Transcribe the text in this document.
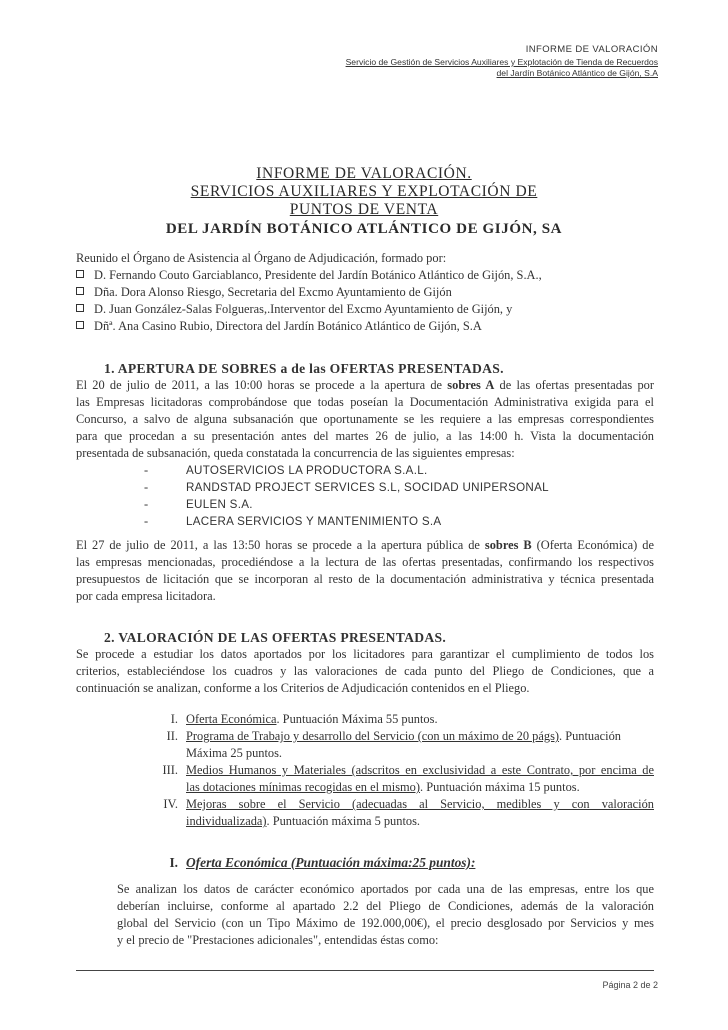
INFORME DE VALORACIÓN
Servicio de Gestión de Servicios Auxiliares y Explotación de Tienda de Recuerdos
del Jardín Botánico Atlántico de Gijón, S.A
INFORME DE VALORACIÓN.
SERVICIOS AUXILIARES Y EXPLOTACIÓN DE
PUNTOS DE VENTA
DEL JARDÍN BOTÁNICO ATLÁNTICO DE GIJÓN, SA
Reunido el Órgano de Asistencia al Órgano de Adjudicación, formado por:
D. Fernando Couto Garciablanco, Presidente del Jardín Botánico Atlántico de Gijón, S.A.,
Dña. Dora Alonso Riesgo, Secretaria del Excmo Ayuntamiento de Gijón
D. Juan González-Salas Folgueras,.Interventor del Excmo Ayuntamiento de Gijón, y
Dñª. Ana Casino Rubio, Directora del Jardín Botánico Atlántico de Gijón, S.A
1. APERTURA DE SOBRES a de las OFERTAS PRESENTADAS.
El 20 de julio de 2011, a las 10:00 horas se procede a la apertura de sobres A de las ofertas presentadas por
las Empresas licitadoras comprobándose que todas poseían la Documentación Administrativa exigida para el
Concurso, a salvo de alguna subsanación que oportunamente se les requiere a las empresas correspondientes
para que procedan a su presentación antes del martes 26 de julio, a las 14:00 h. Vista la documentación
presentada de subsanación, queda constatada la concurrencia de las siguientes empresas:
-	AUTOSERVICIOS LA PRODUCTORA S.A.L.
-	RANDSTAD PROJECT SERVICES S.L, SOCIDAD UNIPERSONAL
-	EULEN S.A.
-	LACERA SERVICIOS Y MANTENIMIENTO S.A
El 27 de julio de 2011, a las 13:50 horas se procede a la apertura pública de sobres B (Oferta Económica) de
las empresas mencionadas, procediéndose a la lectura de las ofertas presentadas, confirmando los respectivos
presupuestos de licitación que se incorporan al resto de la documentación administrativa y técnica presentada
por cada empresa licitadora.
2. VALORACIÓN DE LAS OFERTAS PRESENTADAS.
Se procede a estudiar los datos aportados por los licitadores para garantizar el cumplimiento de todos los
criterios, estableciéndose los cuadros y las valoraciones de cada punto del Pliego de Condiciones, que a
continuación se analizan, conforme a los Criterios de Adjudicación contenidos en el Pliego.
I. Oferta Económica. Puntuación Máxima 55 puntos.
II. Programa de Trabajo y desarrollo del Servicio (con un máximo de 20 págs). Puntuación
Máxima 25 puntos.
III. Medios Humanos y Materiales (adscritos en exclusividad a este Contrato, por encima de
las dotaciones mínimas recogidas en el mismo). Puntuación máxima 15 puntos.
IV. Mejoras sobre el Servicio (adecuadas al Servicio, medibles y con valoración
individualizada). Puntuación máxima 5 puntos.
I. Oferta Económica (Puntuación máxima:25 puntos):
Se analizan los datos de carácter económico aportados por cada una de las empresas, entre los que
deberían incluirse, conforme al apartado 2.2 del Pliego de Condiciones, además de la valoración
global del Servicio (con un Tipo Máximo de 192.000,00€), el precio desglosado por Servicios y mes
y el precio de "Prestaciones adicionales", entendidas éstas como:
Página 2 de 2
